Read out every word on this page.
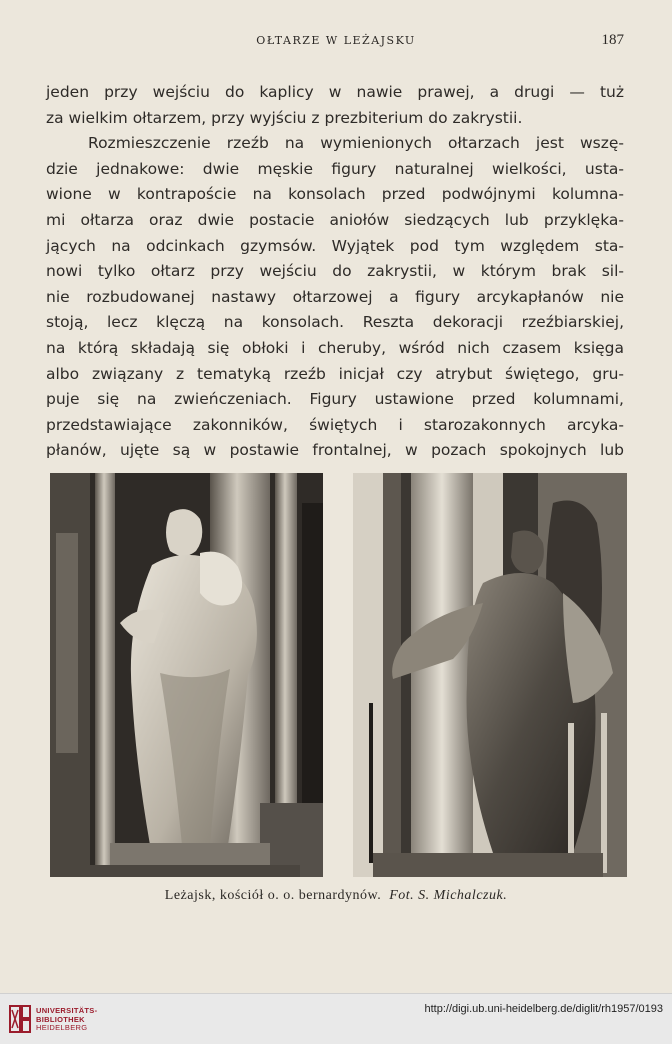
OŁTARZE W LEŻAJSKU	187
jeden przy wejściu do kaplicy w nawie prawej, a drugi — tuż
za wielkim ołtarzem, przy wyjściu z prezbiterium do zakrystii.
Rozmieszczenie rzeźb na wymienionych ołtarzach jest wszę-
dzie jednakowe: dwie męskie figury naturalnej wielkości, usta-
wione w kontrapoście na konsolach przed podwójnymi kolumna-
mi ołtarza oraz dwie postacie aniołów siedzących lub przyklęka-
jących na odcinkach gzymsów. Wyjątek pod tym względem sta-
nowi tylko ołtarz przy wejściu do zakrystii, w którym brak sil-
nie rozbudowanej nastawy ołtarzowej a figury arcykapłanów nie
stoją, lecz klęczą na konsolach. Reszta dekoracji rzeźbiarskiej,
na którą składają się obłoki i cheruby, wśród nich czasem księga
albo związany z tematyką rzeźb inicjał czy atrybut świętego, gru-
puje się na zwieńczeniach. Figury ustawione przed kolumnami,
przedstawiające zakonników, świętych i starozakonnych arcyka-
płanów, ujęte są w postawie frontalnej, w pozach spokojnych lub
Leżajsk, kościół o. o. bernardynów. Fot. S. Michalczuk.
UNIVERSITÄTS-
BIBLIOTHEK
HEIDELBERG
http://digi.ub.uni-heidelberg.de/diglit/rh1957/0193
